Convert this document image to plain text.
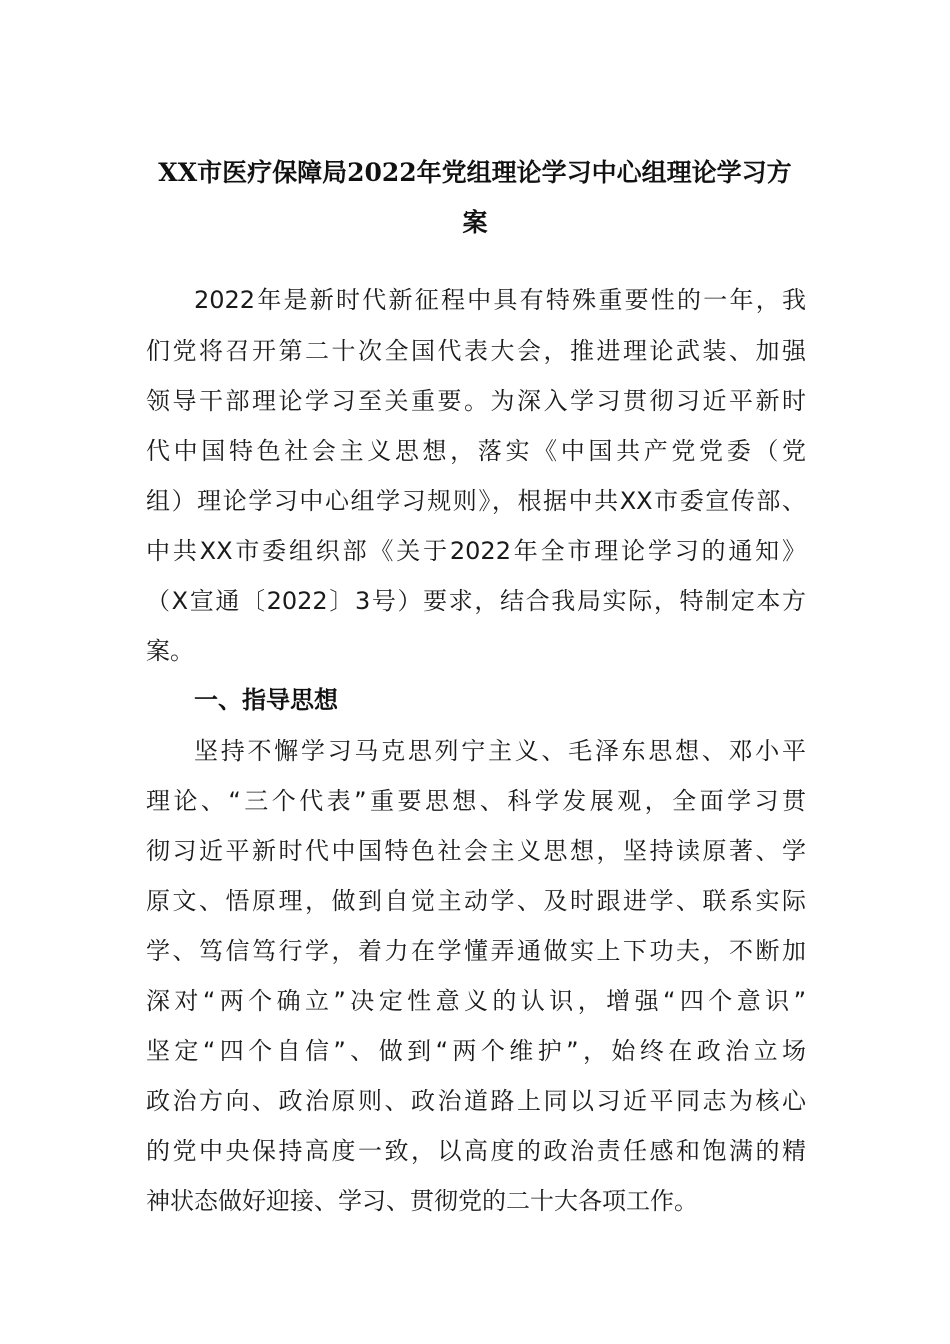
XX市医疗保障局2022年党组理论学习中心组理论学习方
案
2022年是新时代新征程中具有特殊重要性的一年，我
们党将召开第二十次全国代表大会，推进理论武装、加强
领导干部理论学习至关重要。为深入学习贯彻习近平新时
代中国特色社会主义思想，落实《中国共产党党委（党
组）理论学习中心组学习规则》，根据中共XX市委宣传部、
中共XX市委组织部《关于2022年全市理论学习的通知》
（X宣通〔2022〕3号）要求，结合我局实际，特制定本方
案。
一、指导思想
坚持不懈学习马克思列宁主义、毛泽东思想、邓小平
理论、“三个代表”重要思想、科学发展观，全面学习贯
彻习近平新时代中国特色社会主义思想，坚持读原著、学
原文、悟原理，做到自觉主动学、及时跟进学、联系实际
学、笃信笃行学，着力在学懂弄通做实上下功夫，不断加
深对“两个确立”决定性意义的认识，增强“四个意识”
坚定“四个自信”、做到“两个维护”，始终在政治立场
政治方向、政治原则、政治道路上同以习近平同志为核心
的党中央保持高度一致，以高度的政治责任感和饱满的精
神状态做好迎接、学习、贯彻党的二十大各项工作。
